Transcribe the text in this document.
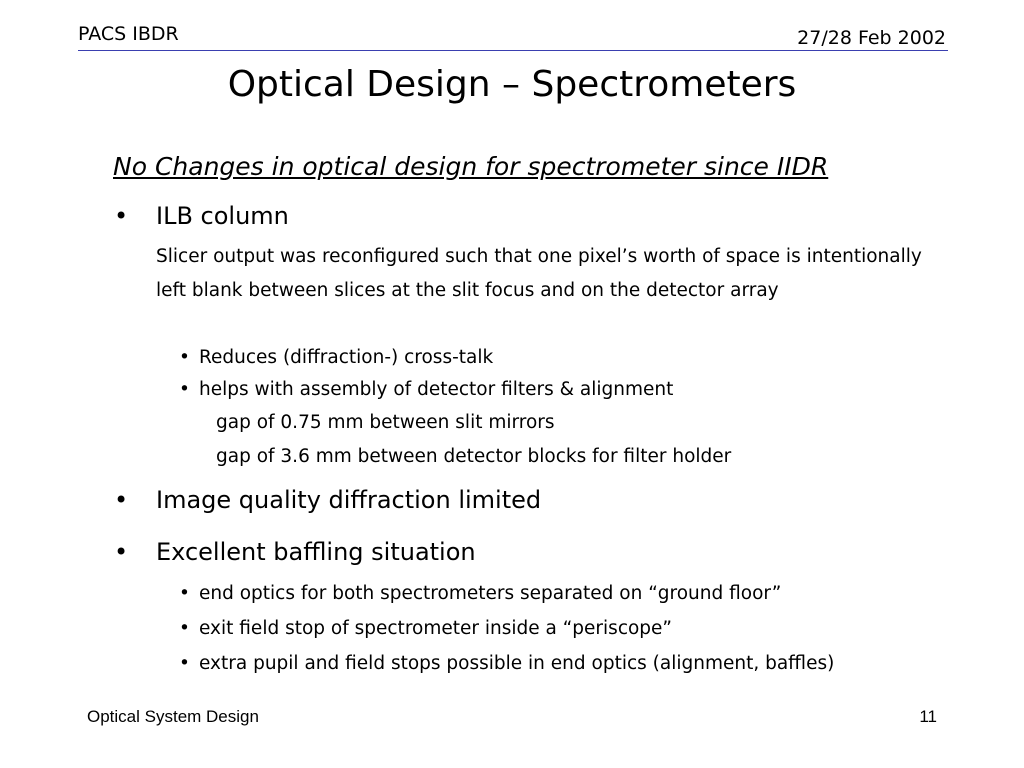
PACS IBDR	27/28 Feb 2002
Optical Design – Spectrometers
No Changes in optical design for spectrometer since IIDR
• ILB column
Slicer output was reconfigured such that one pixel’s worth of space is intentionally left blank between slices at the slit focus and on the detector array
• Reduces (diffraction-) cross-talk
• helps with assembly of detector filters & alignment
gap of 0.75 mm between slit mirrors
gap of 3.6 mm between detector blocks for filter holder
• Image quality diffraction limited
• Excellent baffling situation
• end optics for both spectrometers separated on “ground floor”
• exit field stop of spectrometer inside a “periscope”
• extra pupil and field stops possible in end optics (alignment, baffles)
Optical System Design	11
